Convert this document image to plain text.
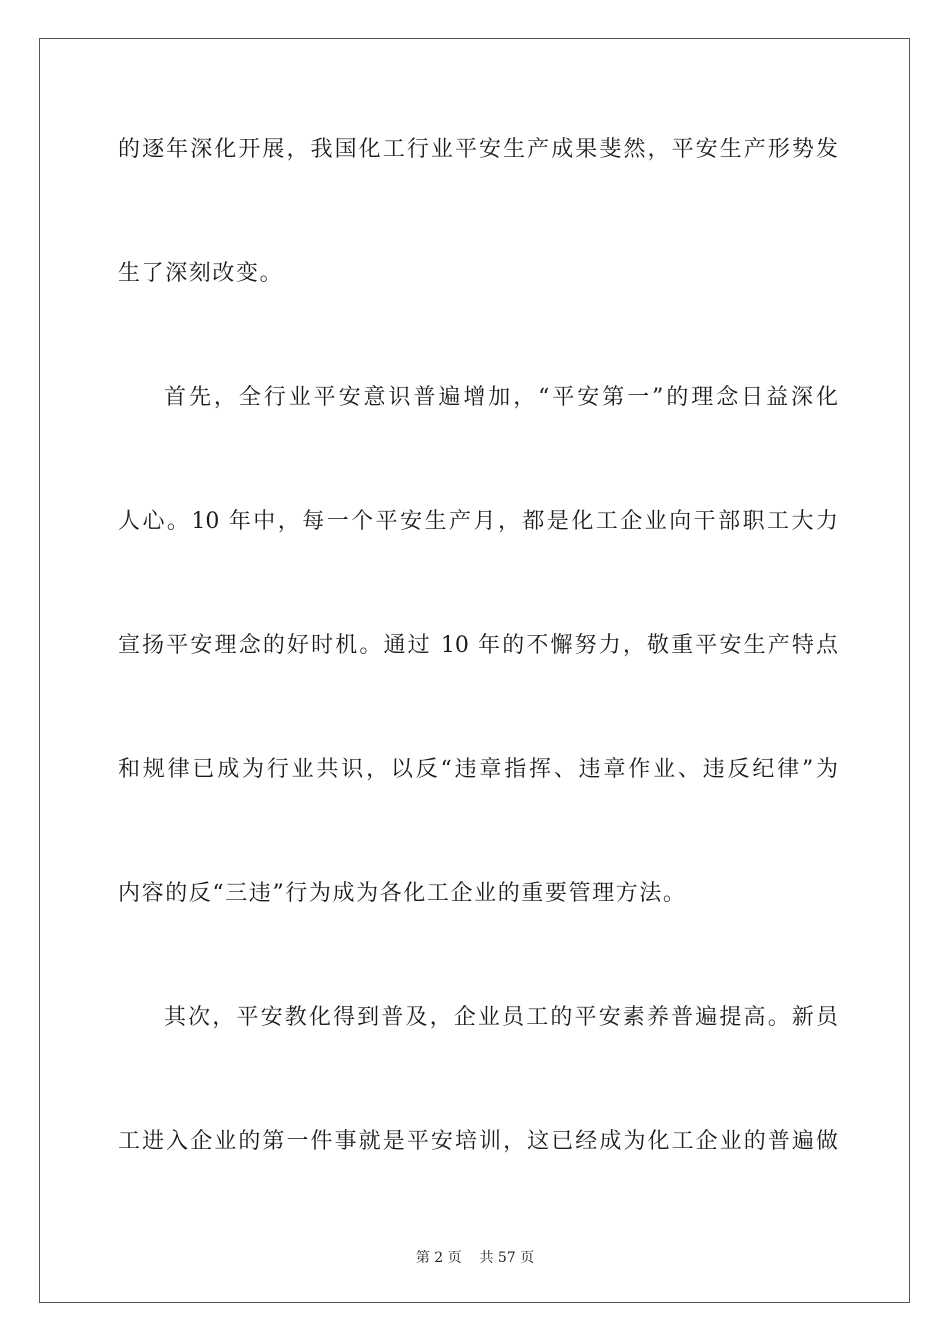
的逐年深化开展，我国化工行业平安生产成果斐然，平安生产形势发
生了深刻改变。
首先，全行业平安意识普遍增加，“平安第一”的理念日益深化
人心。10 年中，每一个平安生产月，都是化工企业向干部职工大力
宣扬平安理念的好时机。通过 10 年的不懈努力，敬重平安生产特点
和规律已成为行业共识，以反“违章指挥、违章作业、违反纪律”为
内容的反“三违”行为成为各化工企业的重要管理方法。
其次，平安教化得到普及，企业员工的平安素养普遍提高。新员
工进入企业的第一件事就是平安培训，这已经成为化工企业的普遍做
第 2 页 共 57 页
